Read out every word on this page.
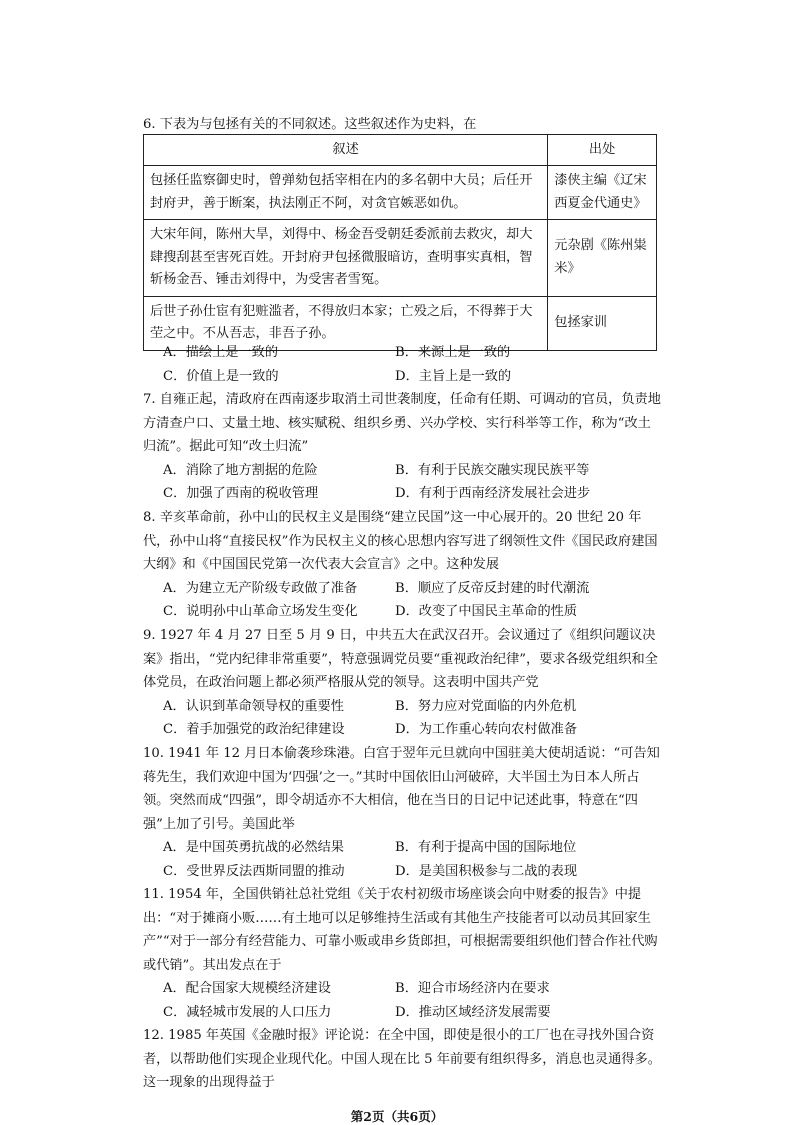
6. 下表为与包拯有关的不同叙述。这些叙述作为史料，在
叙述	出处
包拯任监察御史时，曾弹劾包括宰相在内的多名朝中大员；后任开封府尹，善于断案，执法刚正不阿，对贪官嫉恶如仇。	漆侠主编《辽宋西夏金代通史》
大宋年间，陈州大旱，刘得中、杨金吾受朝廷委派前去救灾，却大肆搜刮甚至害死百姓。开封府尹包拯微服暗访，查明事实真相，智斩杨金吾、锤击刘得中，为受害者雪冤。	元杂剧《陈州粜米》
后世子孙仕宦有犯赃滥者，不得放归本家；亡殁之后，不得葬于大茔之中。不从吾志，非吾子孙。	包拯家训
A．描绘上是一致的	B．来源上是一致的
C．价值上是一致的	D．主旨上是一致的
7. 自雍正起，清政府在西南逐步取消土司世袭制度，任命有任期、可调动的官员，负责地方清查户口、丈量土地、核实赋税、组织乡勇、兴办学校、实行科举等工作，称为“改土归流”。据此可知“改土归流”
A．消除了地方割据的危险	B．有利于民族交融实现民族平等
C．加强了西南的税收管理	D．有利于西南经济发展社会进步
8. 辛亥革命前，孙中山的民权主义是围绕“建立民国”这一中心展开的。20 世纪 20 年代，孙中山将“直接民权”作为民权主义的核心思想内容写进了纲领性文件《国民政府建国大纲》和《中国国民党第一次代表大会宣言》之中。这种发展
A．为建立无产阶级专政做了准备	B．顺应了反帝反封建的时代潮流
C．说明孙中山革命立场发生变化	D．改变了中国民主革命的性质
9. 1927 年 4 月 27 日至 5 月 9 日，中共五大在武汉召开。会议通过了《组织问题议决案》指出，“党内纪律非常重要”，特意强调党员要“重视政治纪律”，要求各级党组织和全体党员，在政治问题上都必须严格服从党的领导。这表明中国共产党
A．认识到革命领导权的重要性	B．努力应对党面临的内外危机
C．着手加强党的政治纪律建设	D．为工作重心转向农村做准备
10. 1941 年 12 月日本偷袭珍珠港。白宫于翌年元旦就向中国驻美大使胡适说：“可告知蒋先生，我们欢迎中国为‘四强’之一。”其时中国依旧山河破碎，大半国土为日本人所占领。突然而成“四强”，即令胡适亦不大相信，他在当日的日记中记述此事，特意在“四强”上加了引号。美国此举
A．是中国英勇抗战的必然结果	B．有利于提高中国的国际地位
C．受世界反法西斯同盟的推动	D．是美国积极参与二战的表现
11. 1954 年，全国供销社总社党组《关于农村初级市场座谈会向中财委的报告》中提出：“对于摊商小贩……有土地可以足够维持生活或有其他生产技能者可以动员其回家生产”“对于一部分有经营能力、可靠小贩或串乡货郎担，可根据需要组织他们替合作社代购或代销”。其出发点在于
A．配合国家大规模经济建设	B．迎合市场经济内在要求
C．减轻城市发展的人口压力	D．推动区域经济发展需要
第2页（共6页）
12. 1985 年英国《金融时报》评论说：在全中国，即使是很小的工厂也在寻找外国合资者，以帮助他们实现企业现代化。中国人现在比 5 年前要有组织得多，消息也灵通得多。这一现象的出现得益于
